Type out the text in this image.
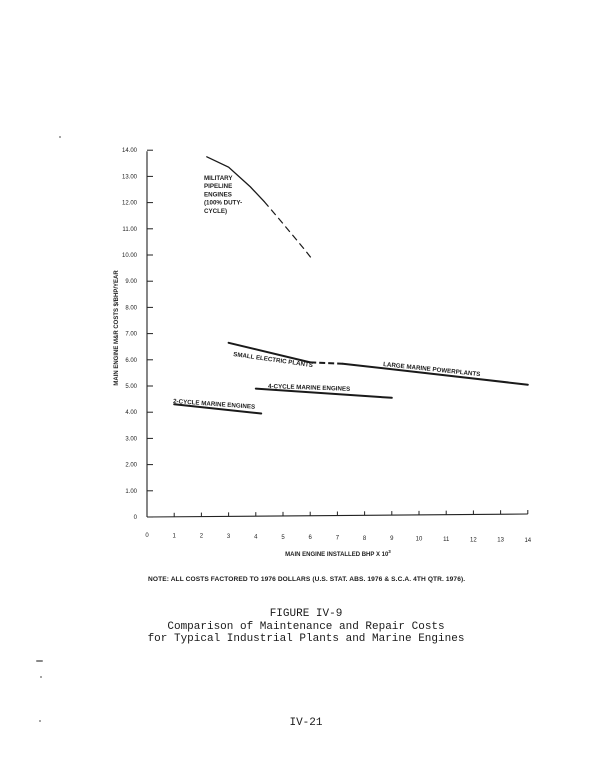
0
1.00
2.00
3.00
4.00
5.00
6.00
7.00
8.00
9.00
10.00
11.00
12.00
13.00
14.00
0	1	2	3	4	5	6	7	8	9	10	11	12	13	14
MILITARY
PIPELINE
ENGINES
(100% DUTY-
CYCLE)
SMALL ELECTRIC PLANTS
LARGE MARINE POWERPLANTS
4-CYCLE MARINE ENGINES
2-CYCLE MARINE ENGINES
MAIN ENGINE M&R COSTS $/BHP/YEAR
MAIN ENGINE INSTALLED BHP X $10^3$
NOTE: ALL COSTS FACTORED TO 1976 DOLLARS (U.S. STAT. ABS. 1976 & S.C.A. 4TH QTR. 1976).
FIGURE IV-9
Comparison of Maintenance and Repair Costs
for Typical Industrial Plants and Marine Engines
IV-21
